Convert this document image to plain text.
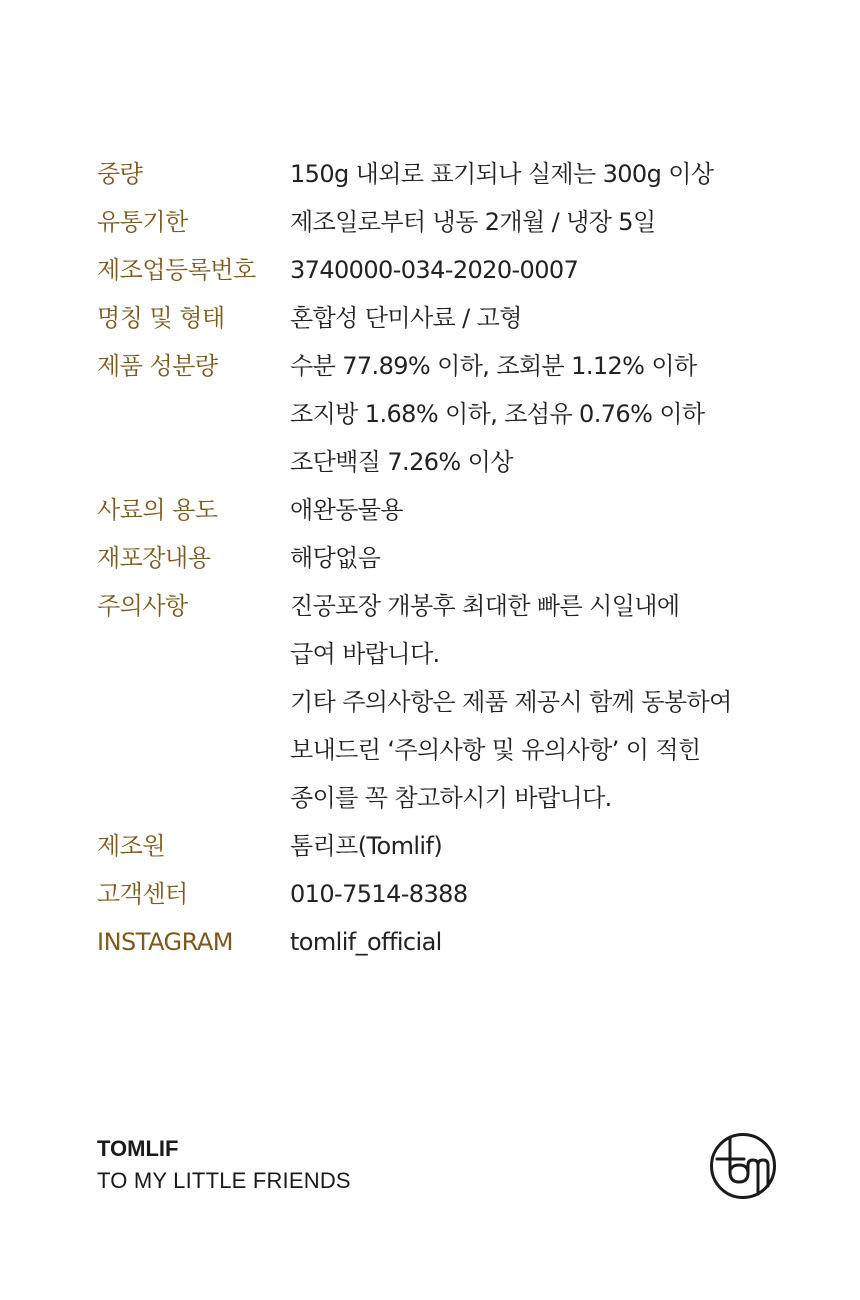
중량	150g 내외로 표기되나 실제는 300g 이상
유통기한	제조일로부터 냉동 2개월 / 냉장 5일
제조업등록번호	3740000-034-2020-0007
명칭 및 형태	혼합성 단미사료 / 고형
제품 성분량	수분 77.89% 이하, 조회분 1.12% 이하
조지방 1.68% 이하, 조섬유 0.76% 이하
조단백질 7.26% 이상
사료의 용도	애완동물용
재포장내용	해당없음
주의사항	진공포장 개봉후 최대한 빠른 시일내에
급여 바랍니다.
기타 주의사항은 제품 제공시 함께 동봉하여
보내드린 ‘주의사항 및 유의사항’ 이 적힌
종이를 꼭 참고하시기 바랍니다.
제조원	톰리프(Tomlif)
고객센터	010-7514-8388
INSTAGRAM	tomlif_official
TOMLIF
TO MY LITTLE FRIENDS
